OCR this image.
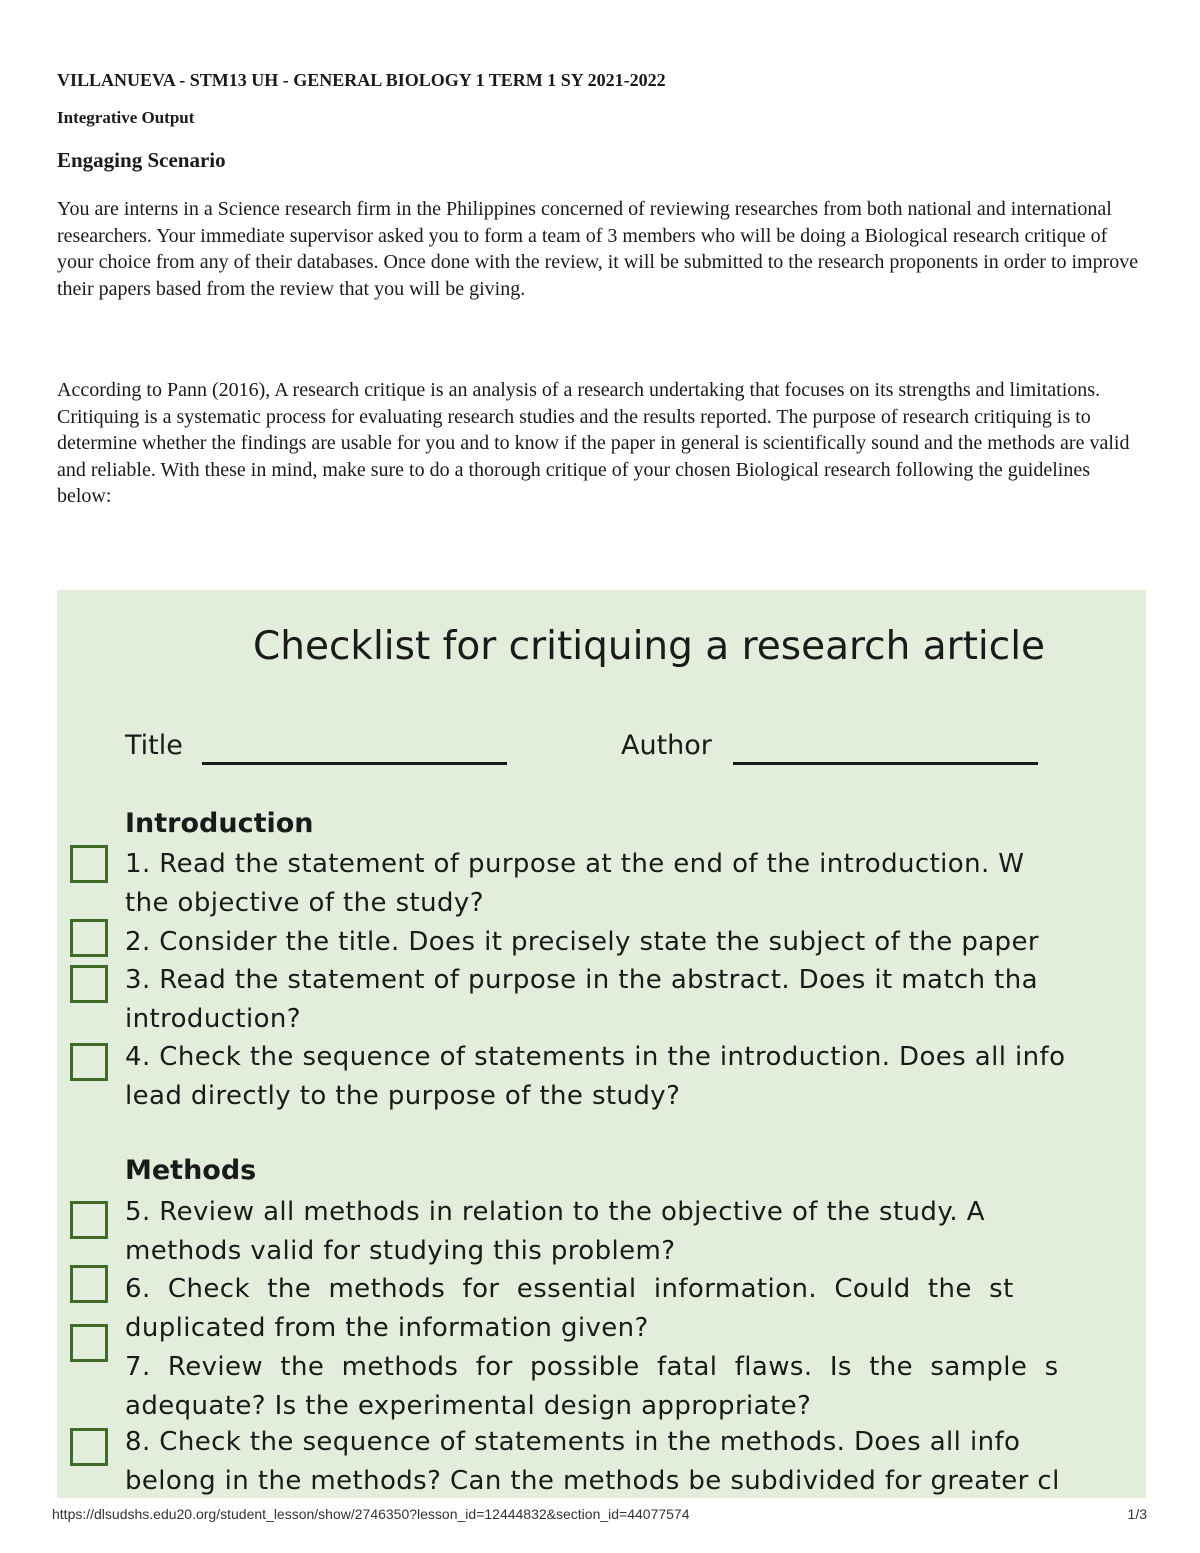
VILLANUEVA - STM13 UH - GENERAL BIOLOGY 1 TERM 1 SY 2021-2022
Integrative Output
Engaging Scenario

You are interns in a Science research firm in the Philippines concerned of reviewing researches from both national and international researchers. Your immediate supervisor asked you to form a team of 3 members who will be doing a Biological research critique of your choice from any of their databases. Once done with the review, it will be submitted to the research proponents in order to improve their papers based from the review that you will be giving.

According to Pann (2016), A research critique is an analysis of a research undertaking that focuses on its strengths and limitations. Critiquing is a systematic process for evaluating research studies and the results reported. The purpose of research critiquing is to determine whether the findings are usable for you and to know if the paper in general is scientifically sound and the methods are valid and reliable. With these in mind, make sure to do a thorough critique of your chosen Biological research following the guidelines below:

Checklist for critiquing a research article
Title	Author
Introduction

1. Read the statement of purpose at the end of the introduction. W
the objective of the study?

2. Consider the title. Does it precisely state the subject of the paper

3. Read the statement of purpose in the abstract. Does it match tha
introduction?

4. Check the sequence of statements in the introduction. Does all info
lead directly to the purpose of the study?

Methods

5. Review all methods in relation to the objective of the study. A
methods valid for studying this problem?

6.  Check  the  methods  for  essential  information.  Could  the  st
duplicated from the information given?

7.  Review  the  methods  for  possible  fatal  flaws.  Is  the  sample  s
adequate? Is the experimental design appropriate?

8. Check the sequence of statements in the methods. Does all info
belong in the methods? Can the methods be subdivided for greater cl

https://dlsudshs.edu20.org/student_lesson/show/2746350?lesson_id=12444832&section_id=44077574	1/3
